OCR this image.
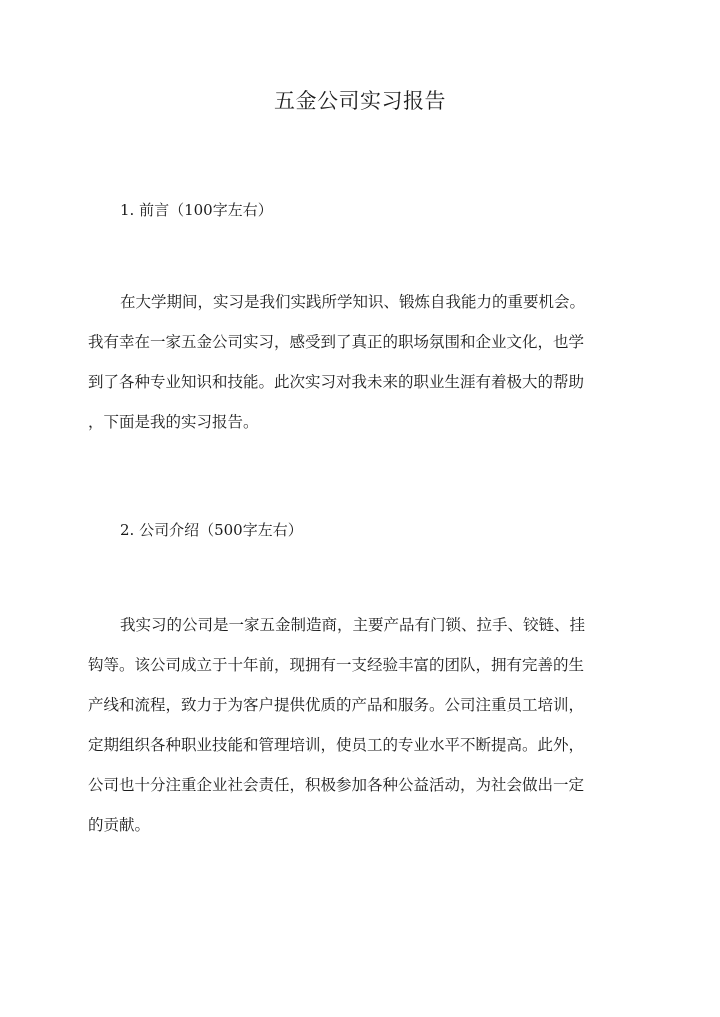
五金公司实习报告
1. 前言（100字左右）
在大学期间，实习是我们实践所学知识、锻炼自我能力的重要机会。
我有幸在一家五金公司实习，感受到了真正的职场氛围和企业文化，也学
到了各种专业知识和技能。此次实习对我未来的职业生涯有着极大的帮助
，下面是我的实习报告。
2. 公司介绍（500字左右）
我实习的公司是一家五金制造商，主要产品有门锁、拉手、铰链、挂
钩等。该公司成立于十年前，现拥有一支经验丰富的团队，拥有完善的生
产线和流程，致力于为客户提供优质的产品和服务。公司注重员工培训，
定期组织各种职业技能和管理培训，使员工的专业水平不断提高。此外，
公司也十分注重企业社会责任，积极参加各种公益活动，为社会做出一定
的贡献。
